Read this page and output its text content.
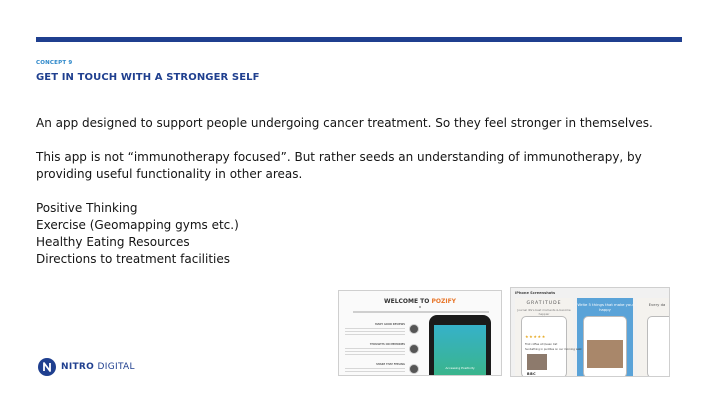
CONCEPT 9
GET IN TOUCH WITH A STRONGER SELF

An app designed to support people undergoing cancer treatment. So they feel stronger in themselves.

This app is not “immunotherapy focused”. But rather seeds an understanding of immunotherapy, by providing useful functionality in other areas.

Positive Thinking
Exercise (Geomapping gyms etc.)
Healthy Eating Resources
Directions to treatment facilities
NITRO DIGITAL
WELCOME TO POZIFY
MANY GOOD REVIEWS
THOUGHTS ON MEMORIES
SHARE THAT FEELING
Accessing Positivity
iPhone Screenshots
GRATITUDE
Journal life's best moments & become happier
Write 5 things that make you happy
Every da
★★★★★
First coffee at Queen Cat
Sunbathing in puddles on our morning walk
BBC
